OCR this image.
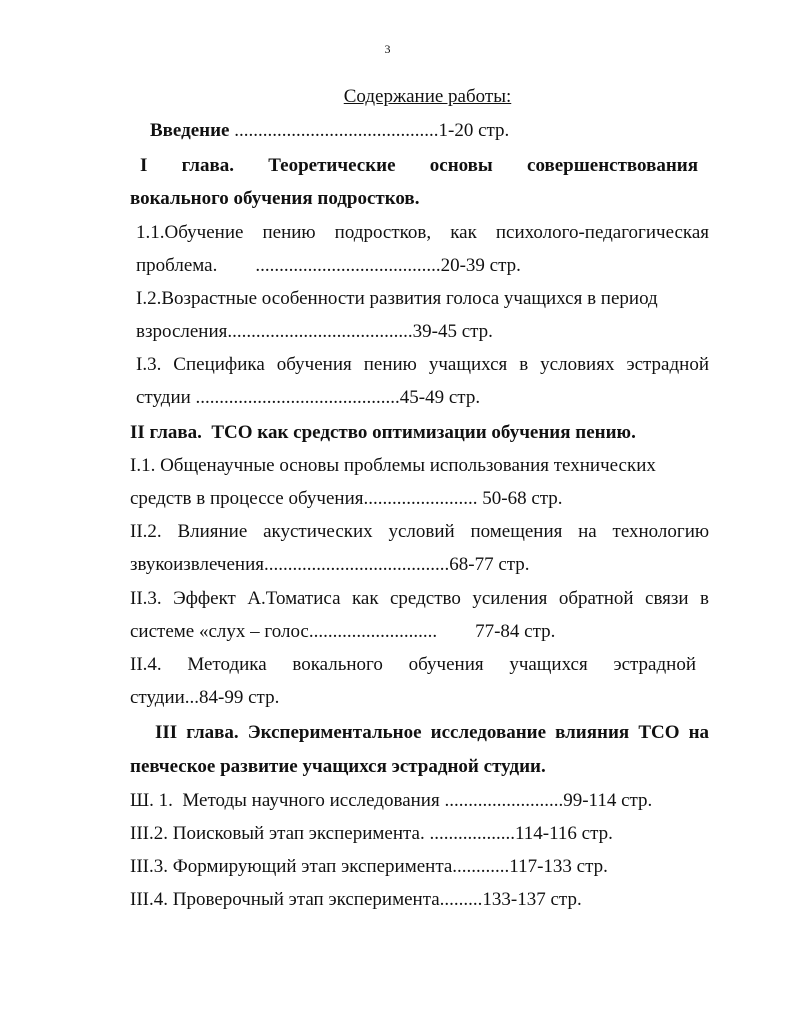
3
Содержание работы:
Введение ...........................................1-20 стр.
I глава. Теоретические основы совершенствования
вокального обучения подростков.
1.1.Обучение пению подростков, как психолого-педагогическая
проблема.        .......................................20-39 стр.
I.2.Возрастные особенности развития голоса учащихся в период
взросления.......................................39-45 стр.
I.3. Специфика обучения пению учащихся в условиях эстрадной
студии ...........................................45-49 стр.
II глава.  ТСО как средство оптимизации обучения пению.
I.1. Общенаучные основы проблемы использования технических
средств в процессе обучения........................ 50-68 стр.
II.2. Влияние акустических условий помещения на технологию
звукоизвлечения.......................................68-77 стр.
II.3. Эффект А.Томатиса как средство усиления обратной связи в
системе «слух – голос...........................        77-84 стр.
II.4. Методика вокального обучения учащихся эстрадной
студии...84-99 стр.
III глава. Экспериментальное исследование влияния ТСО на
певческое развитие учащихся эстрадной студии.
Ш. 1.  Методы научного исследования .........................99-114 стр.
III.2. Поисковый этап эксперимента. ..................114-116 стр.
III.3. Формирующий этап эксперимента............117-133 стр.
III.4. Проверочный этап эксперимента.........133-137 стр.
